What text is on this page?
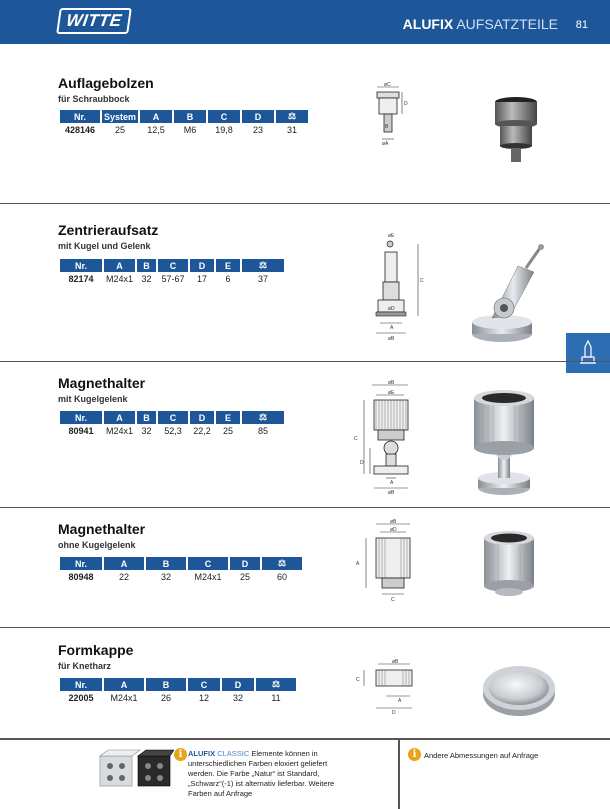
WITTE	ALUFIX AUFSATZTEILE 81
Auflagebolzen
für Schraubbock
Nr.	System	A	B	C	D	⚖
428146	25	12,5	M6	19,8	23	31
øC
D
B
øA
Zentrieraufsatz
mit Kugel und Gelenk
Nr.	A	B	C	D	E	⚖
82174	M24x1	32	57-67	17	6	37
øE
C
øD
A
øB
Magnethalter
mit Kugelgelenk
Nr.	A	B	C	D	E	⚖
80941	M24x1	32	52,3	22,2	25	85
øB
øE
C
D
A
øB
Magnethalter
ohne Kugelgelenk
Nr.	A	B	C	D	⚖
80948	22	32	M24x1	25	60
øB
øD
A
C
Formkappe
für Knetharz
Nr.	A	B	C	D	⚖
22005	M24x1	26	12	32	11
øB
C
A
D
i ALUFIX CLASSIC Elemente können in
unterschiedlichen Farben eloxiert geliefert
werden. Die Farbe „Natur“ ist Standard,
„Schwarz“(-1) ist alternativ lieferbar. Weitere
Farben auf Anfrage
i	Andere Abmessungen auf Anfrage
